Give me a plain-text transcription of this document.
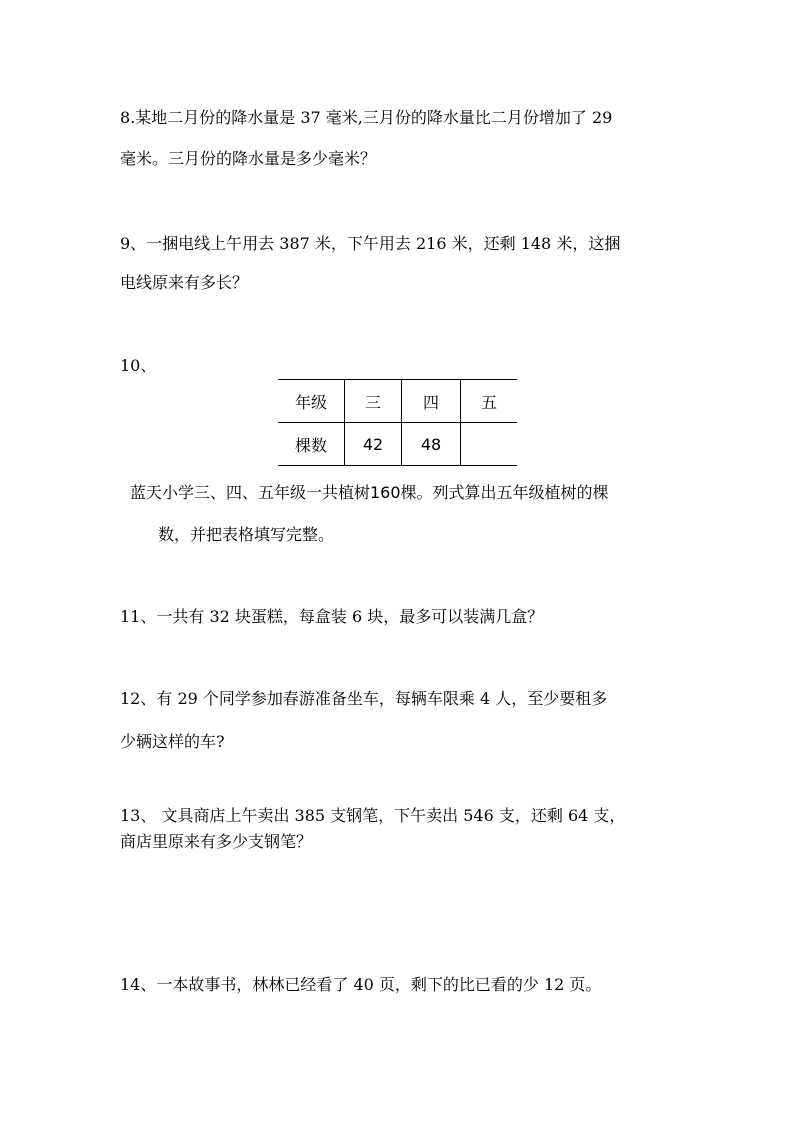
8.某地二月份的降水量是 37 毫米,三月份的降水量比二月份增加了 29
毫米。三月份的降水量是多少毫米？
9、一捆电线上午用去 387 米，下午用去 216 米，还剩 148 米，这捆
电线原来有多长？
10、
年级	三	四	五
棵数	42	48	
蓝天小学三、四、五年级一共植树160棵。列式算出五年级植树的棵
数，并把表格填写完整。
11、一共有 32 块蛋糕，每盒装 6 块，最多可以装满几盒？
12、有 29 个同学参加春游准备坐车，每辆车限乘 4 人，至少要租多
少辆这样的车?
13、 文具商店上午卖出 385 支钢笔，下午卖出 546 支，还剩 64 支，
商店里原来有多少支钢笔？
14、一本故事书，林林已经看了 40 页，剩下的比已看的少 12 页。
